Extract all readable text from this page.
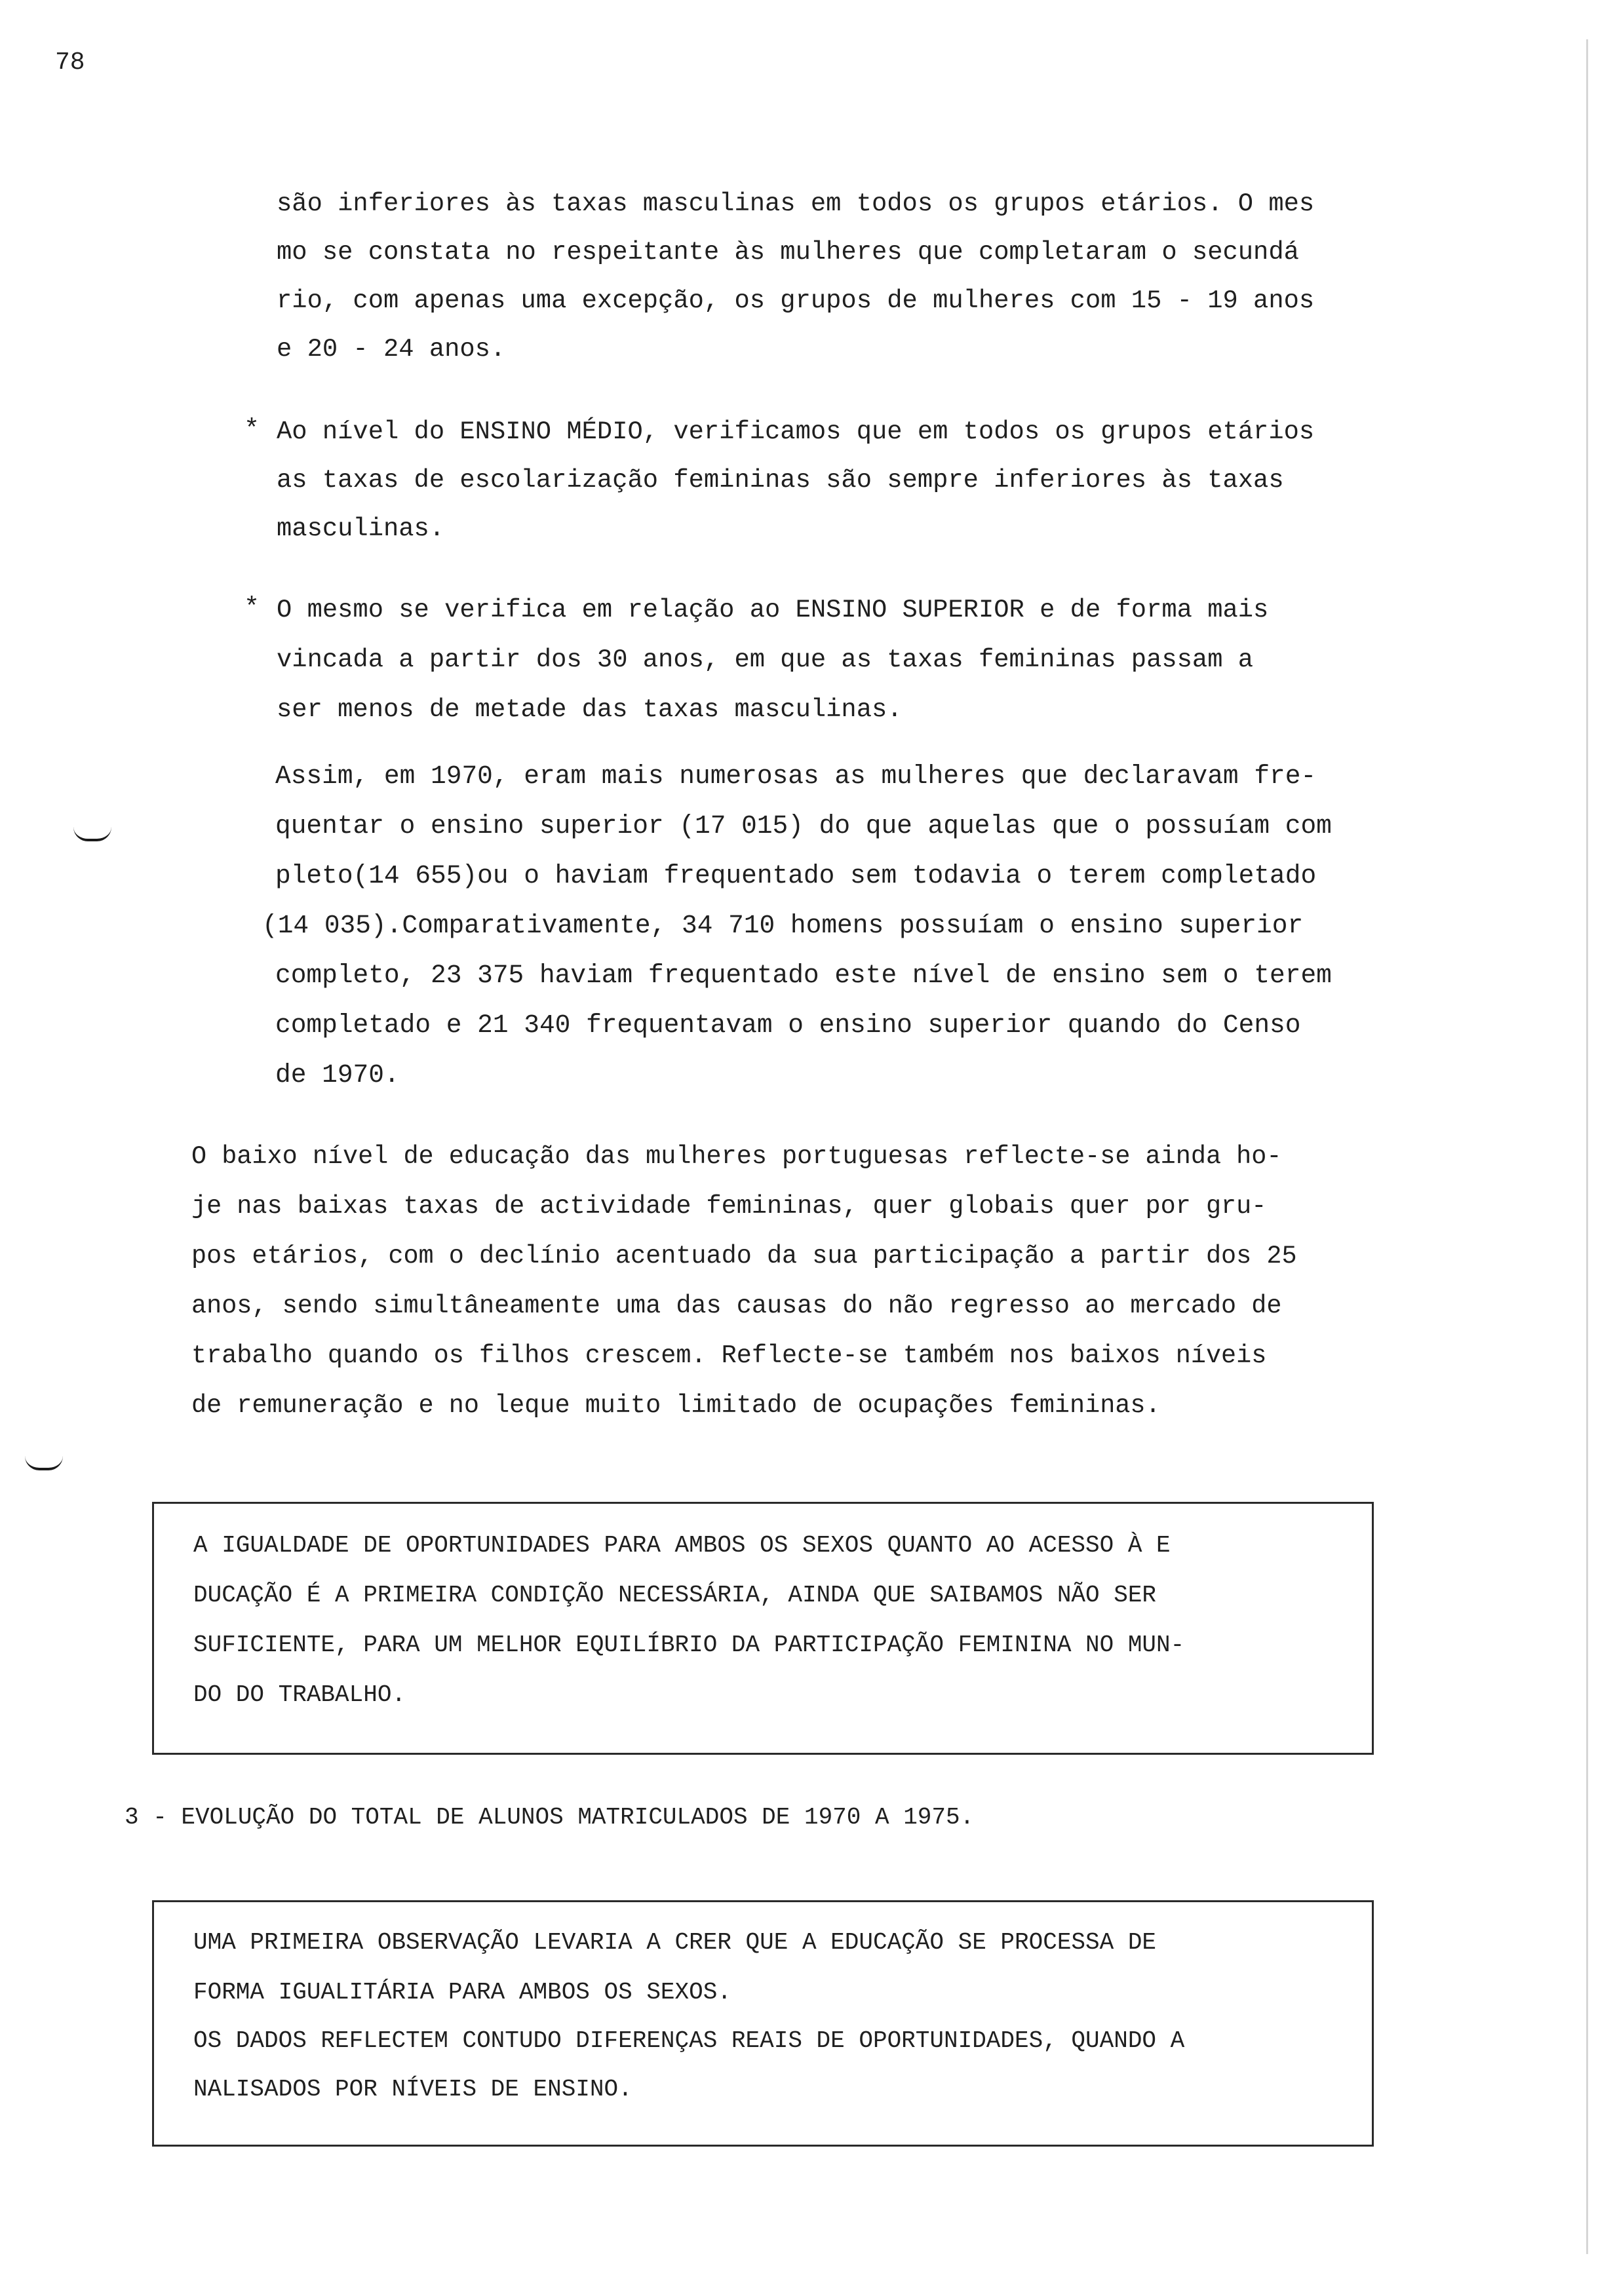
78
são inferiores às taxas masculinas em todos os grupos etários. O mes
mo se constata no respeitante às mulheres que completaram o secundá
rio, com apenas uma excepção, os grupos de mulheres com 15 - 19 anos
e 20 - 24 anos.
* Ao nível do ENSINO MÉDIO, verificamos que em todos os grupos etários
as taxas de escolarização femininas são sempre inferiores às taxas
masculinas.
* O mesmo se verifica em relação ao ENSINO SUPERIOR e de forma mais
vincada a partir dos 30 anos, em que as taxas femininas passam a
ser menos de metade das taxas masculinas.
Assim, em 1970, eram mais numerosas as mulheres que declaravam fre-
quentar o ensino superior (17 015) do que aquelas que o possuíam com
pleto(14 655)ou o haviam frequentado sem todavia o terem completado
(14 035).Comparativamente, 34 710 homens possuíam o ensino superior
completo, 23 375 haviam frequentado este nível de ensino sem o terem
completado e 21 340 frequentavam o ensino superior quando do Censo
de 1970.
O baixo nível de educação das mulheres portuguesas reflecte-se ainda ho-
je nas baixas taxas de actividade femininas, quer globais quer por gru-
pos etários, com o declínio acentuado da sua participação a partir dos 25
anos, sendo simultâneamente uma das causas do não regresso ao mercado de
trabalho quando os filhos crescem. Reflecte-se também nos baixos níveis
de remuneração e no leque muito limitado de ocupações femininas.
A IGUALDADE DE OPORTUNIDADES PARA AMBOS OS SEXOS QUANTO AO ACESSO À E
DUCAÇÃO É A PRIMEIRA CONDIÇÃO NECESSÁRIA, AINDA QUE SAIBAMOS NÃO SER
SUFICIENTE, PARA UM MELHOR EQUILÍBRIO DA PARTICIPAÇÃO FEMININA NO MUN-
DO DO TRABALHO.
3 - EVOLUÇÃO DO TOTAL DE ALUNOS MATRICULADOS DE 1970 A 1975.
UMA PRIMEIRA OBSERVAÇÃO LEVARIA A CRER QUE A EDUCAÇÃO SE PROCESSA DE
FORMA IGUALITÁRIA PARA AMBOS OS SEXOS.
OS DADOS REFLECTEM CONTUDO DIFERENÇAS REAIS DE OPORTUNIDADES, QUANDO A
NALISADOS POR NÍVEIS DE ENSINO.
